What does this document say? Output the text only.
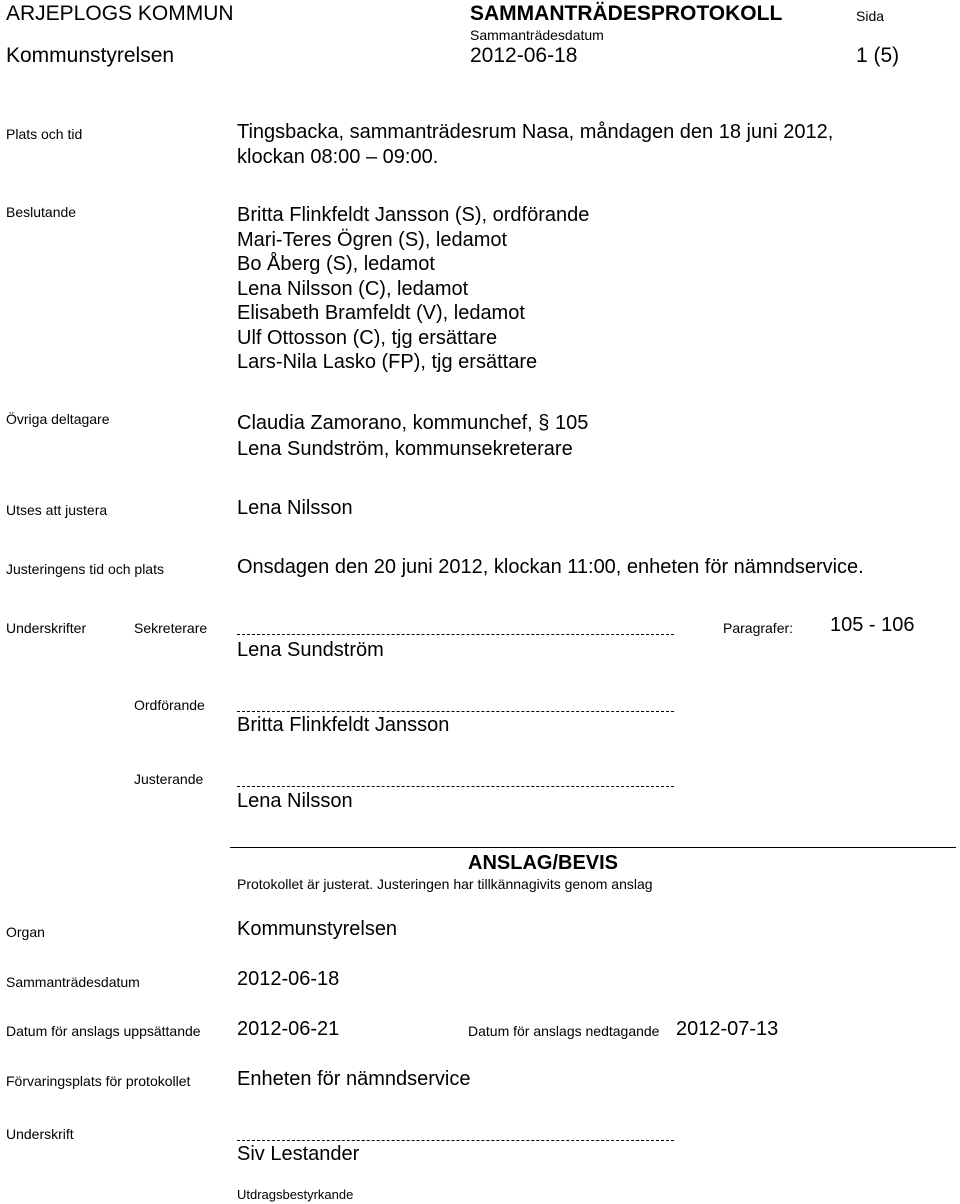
ARJEPLOGS KOMMUN	SAMMANTRÄDESPROTOKOLL	Sida
Sammanträdesdatum
Kommunstyrelsen	2012-06-18	1 (5)
Plats och tid	Tingsbacka, sammanträdesrum Nasa, måndagen den 18 juni 2012,
klockan 08:00 – 09:00.
Beslutande	Britta Flinkfeldt Jansson (S), ordförande
Mari-Teres Ögren (S), ledamot
Bo Åberg (S), ledamot
Lena Nilsson (C), ledamot
Elisabeth Bramfeldt (V), ledamot
Ulf Ottosson (C), tjg ersättare
Lars-Nila Lasko (FP), tjg ersättare
Övriga deltagare	Claudia Zamorano, kommunchef, § 105
Lena Sundström, kommunsekreterare
Utses att justera	Lena Nilsson
Justeringens tid och plats	Onsdagen den 20 juni 2012, klockan 11:00, enheten för nämndservice.
Underskrifter	Sekreterare
Lena Sundström
Paragrafer: 105 - 106
Ordförande
Britta Flinkfeldt Jansson
Justerande
Lena Nilsson
ANSLAG/BEVIS
Protokollet är justerat. Justeringen har tillkännagivits genom anslag
Organ	Kommunstyrelsen
Sammanträdesdatum	2012-06-18
Datum för anslags uppsättande 2012-06-21	Datum för anslags nedtagande 2012-07-13
Förvaringsplats för protokollet Enheten för nämndservice
Underskrift
Siv Lestander
Utdragsbestyrkande
